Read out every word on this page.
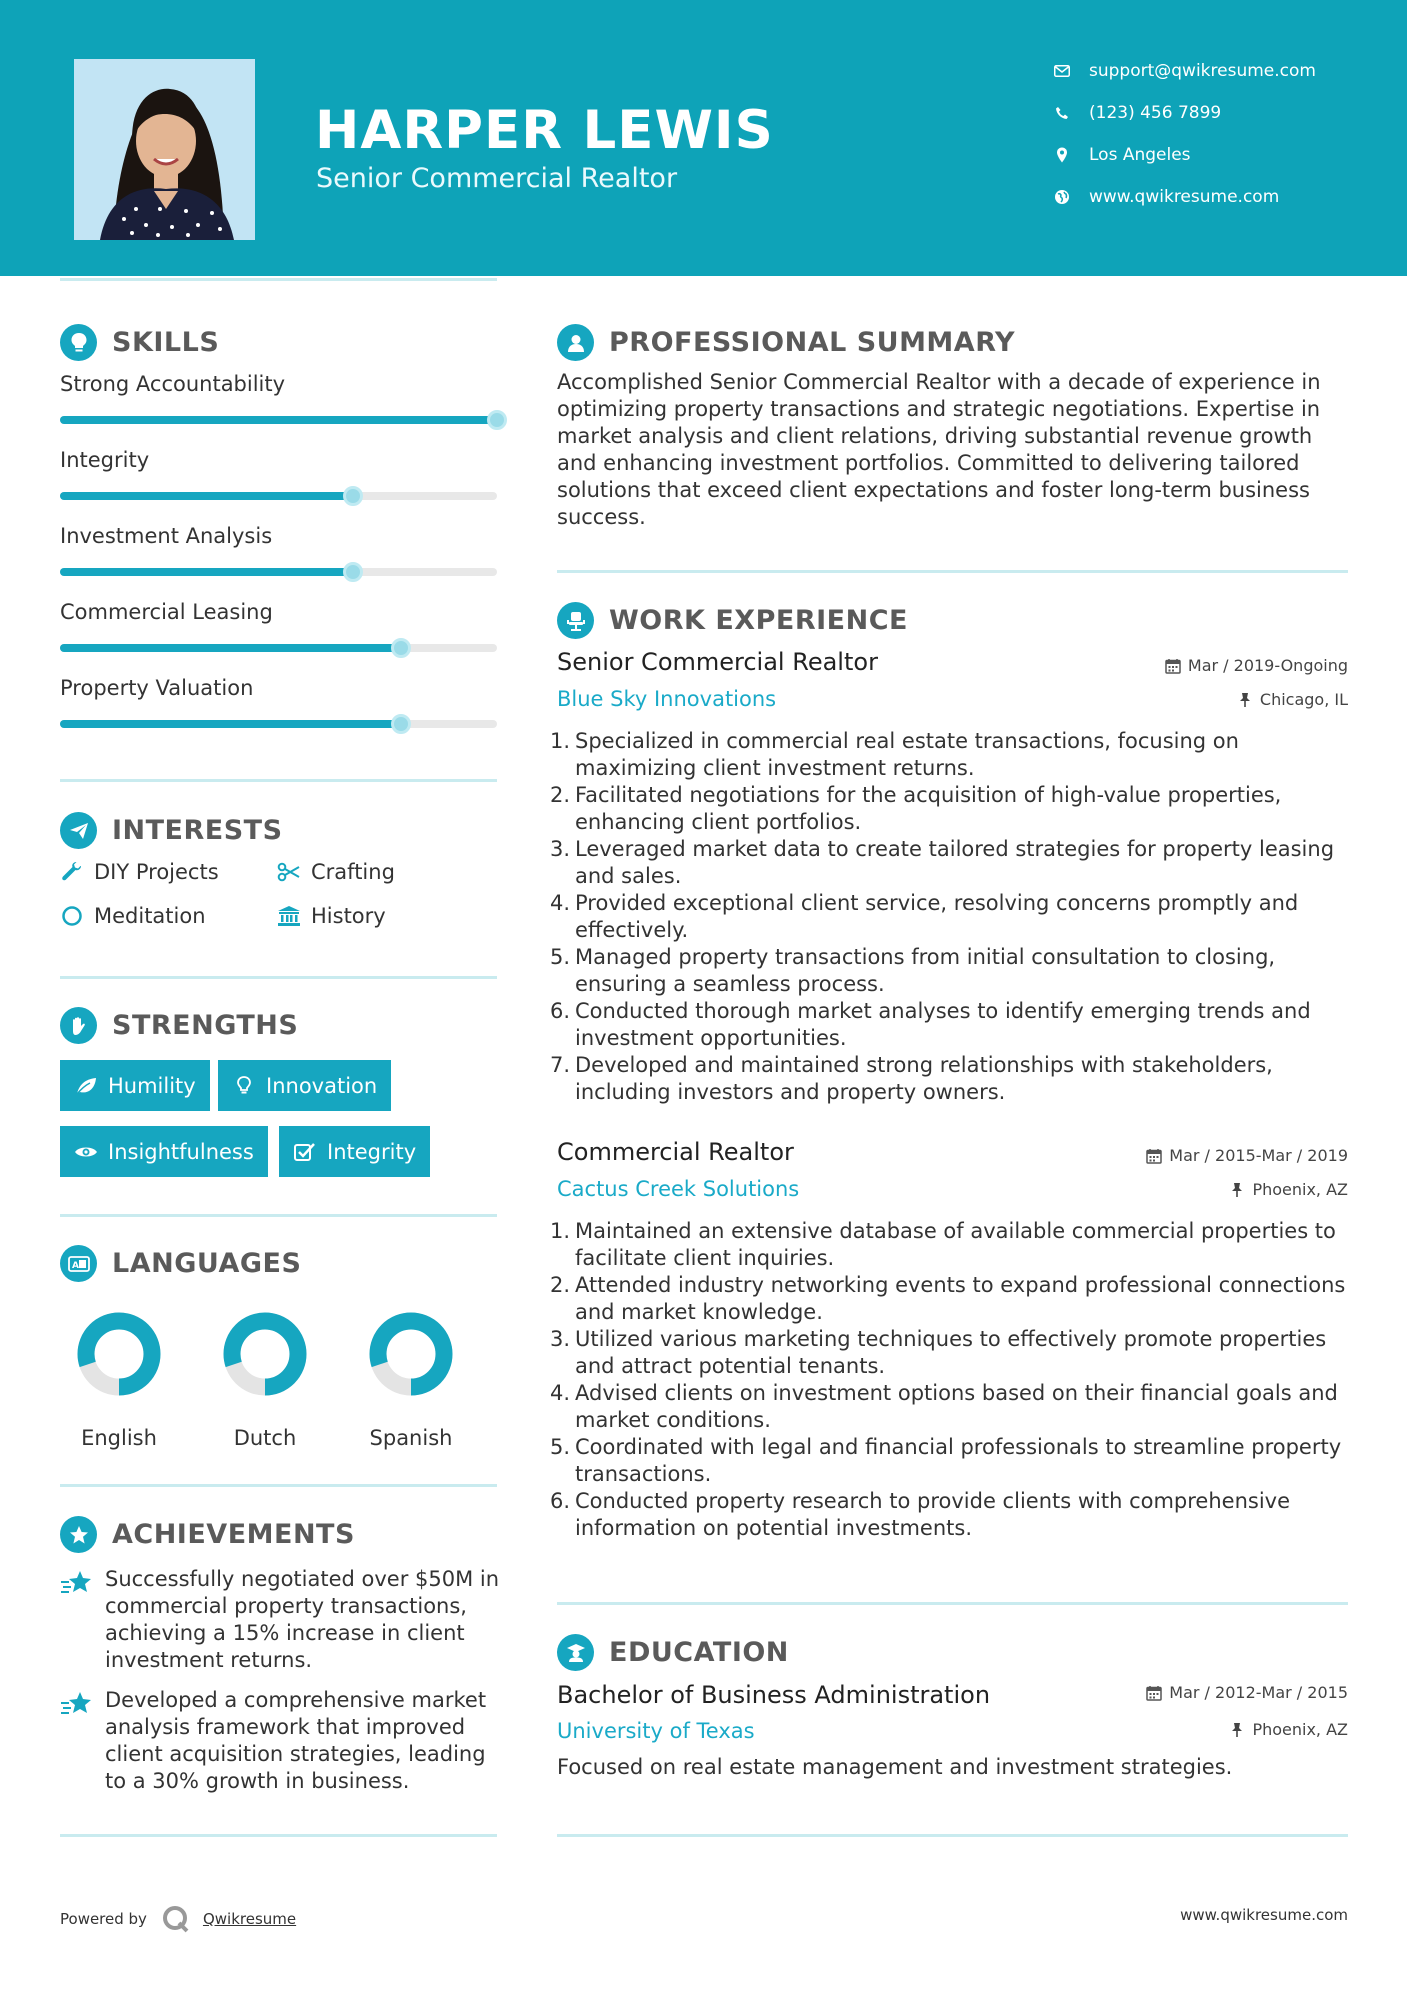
HARPER LEWIS
Senior Commercial Realtor
support@qwikresume.com
(123) 456 7899
Los Angeles
www.qwikresume.com
SKILLS
Strong Accountability
Integrity
Investment Analysis
Commercial Leasing
Property Valuation
INTERESTS
DIY Projects	Crafting
Meditation	History
STRENGTHS
Humility	Innovation
Insightfulness	Integrity
A LANGUAGES
English	Dutch	Spanish
ACHIEVEMENTS
Successfully negotiated over $50M in commercial property transactions, achieving a 15% increase in client investment returns.
Developed a comprehensive market analysis framework that improved client acquisition strategies, leading to a 30% growth in business.
PROFESSIONAL SUMMARY
Accomplished Senior Commercial Realtor with a decade of experience in optimizing property transactions and strategic negotiations. Expertise in market analysis and client relations, driving substantial revenue growth and enhancing investment portfolios. Committed to delivering tailored solutions that exceed client expectations and foster long-term business success.
WORK EXPERIENCE
Senior Commercial Realtor	Mar / 2019-Ongoing
Blue Sky Innovations	Chicago, IL
1. Specialized in commercial real estate transactions, focusing on maximizing client investment returns.
2. Facilitated negotiations for the acquisition of high-value properties, enhancing client portfolios.
3. Leveraged market data to create tailored strategies for property leasing and sales.
4. Provided exceptional client service, resolving concerns promptly and effectively.
5. Managed property transactions from initial consultation to closing, ensuring a seamless process.
6. Conducted thorough market analyses to identify emerging trends and investment opportunities.
7. Developed and maintained strong relationships with stakeholders, including investors and property owners.
Commercial Realtor	Mar / 2015-Mar / 2019
Cactus Creek Solutions	Phoenix, AZ
1. Maintained an extensive database of available commercial properties to facilitate client inquiries.
2. Attended industry networking events to expand professional connections and market knowledge.
3. Utilized various marketing techniques to effectively promote properties and attract potential tenants.
4. Advised clients on investment options based on their financial goals and market conditions.
5. Coordinated with legal and financial professionals to streamline property transactions.
6. Conducted property research to provide clients with comprehensive information on potential investments.
EDUCATION
Bachelor of Business Administration	Mar / 2012-Mar / 2015
University of Texas	Phoenix, AZ
Focused on real estate management and investment strategies.
Powered by	Qwikresume	www.qwikresume.com
